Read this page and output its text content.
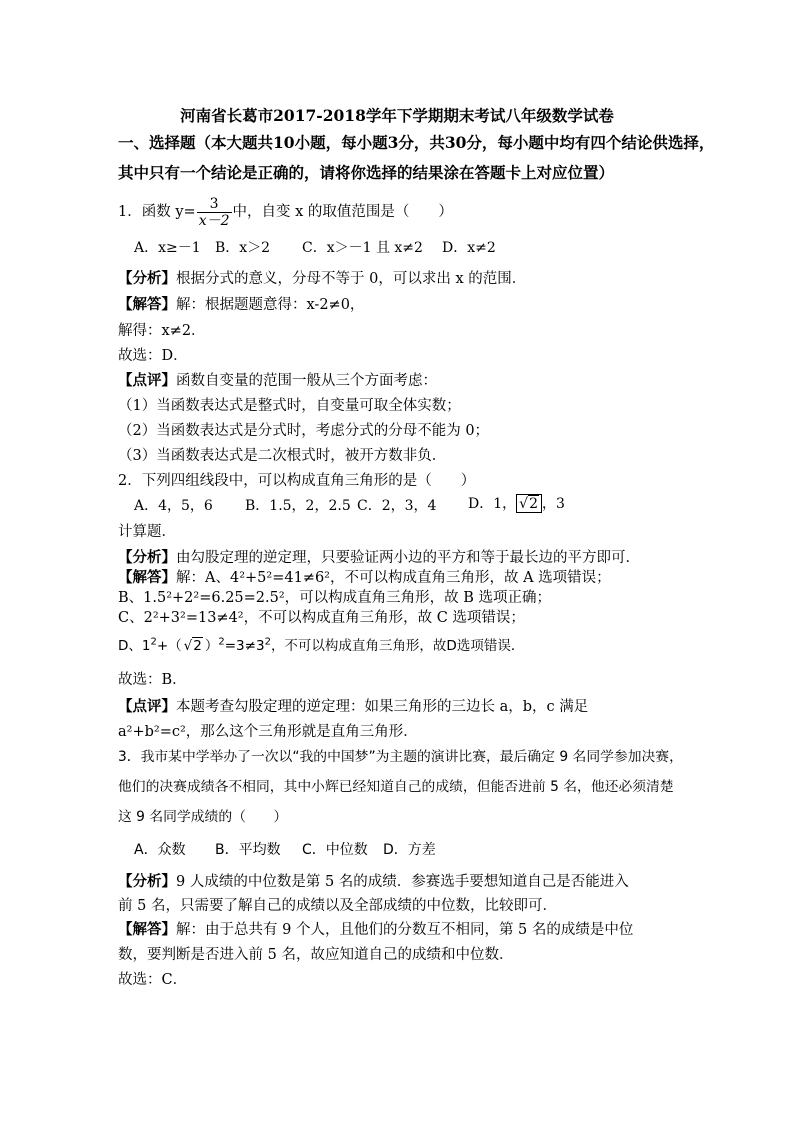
河南省长葛市2017-2018学年下学期期末考试八年级数学试卷
一、选择题（本大题共10小题，每小题3分，共30分，每小题中均有四个结论供选择，
其中只有一个结论是正确的，请将你选择的结果涂在答题卡上对应位置）
1．函数 $y= \frac{3}{x-2}$ 中，自变 x 的取值范围是（　　）
A．x≥－1 B．x＞2 C．x＞－1 且 x≠2 D．x≠2
【分析】根据分式的意义，分母不等于 0，可以求出 x 的范围．
【解答】解：根据题题意得：x-2≠0，
解得：x≠2．
故选：D．
【点评】函数自变量的范围一般从三个方面考虑：
（1）当函数表达式是整式时，自变量可取全体实数；
（2）当函数表达式是分式时，考虑分式的分母不能为 0；
（3）当函数表达式是二次根式时，被开方数非负．
2．下列四组线段中，可以构成直角三角形的是（　　）
A．4，5，6 B．1.5，2，2.5 C．2，3，4 D．1， √2 ，3
计算题．
【分析】由勾股定理的逆定理，只要验证两小边的平方和等于最长边的平方即可．
【解答】解：A、4²+5²=41≠6²，不可以构成直角三角形，故 A 选项错误；
B、1.5²+2²=6.25=2.5²，可以构成直角三角形，故 B 选项正确；
C、2²+3²=13≠4²，不可以构成直角三角形，故 C 选项错误；
D、$1^2+$（ √2 ）$^2=3\ne 3^2$，不可以构成直角三角形，故D选项错误．
故选：B．
【点评】本题考查勾股定理的逆定理：如果三角形的三边长 a，b，c 满足
a²+b²=c²，那么这个三角形就是直角三角形．
3．我市某中学举办了一次以“我的中国梦”为主题的演讲比赛，最后确定 9 名同学参加决赛，
他们的决赛成绩各不相同，其中小辉已经知道自己的成绩，但能否进前 5 名，他还必须清楚
这 9 名同学成绩的（　　）
A．众数 B．平均数 C．中位数 D．方差
【分析】9 人成绩的中位数是第 5 名的成绩．参赛选手要想知道自己是否能进入
前 5 名，只需要了解自己的成绩以及全部成绩的中位数，比较即可．
【解答】解：由于总共有 9 个人，且他们的分数互不相同，第 5 名的成绩是中位
数，要判断是否进入前 5 名，故应知道自己的成绩和中位数．
故选：C．
